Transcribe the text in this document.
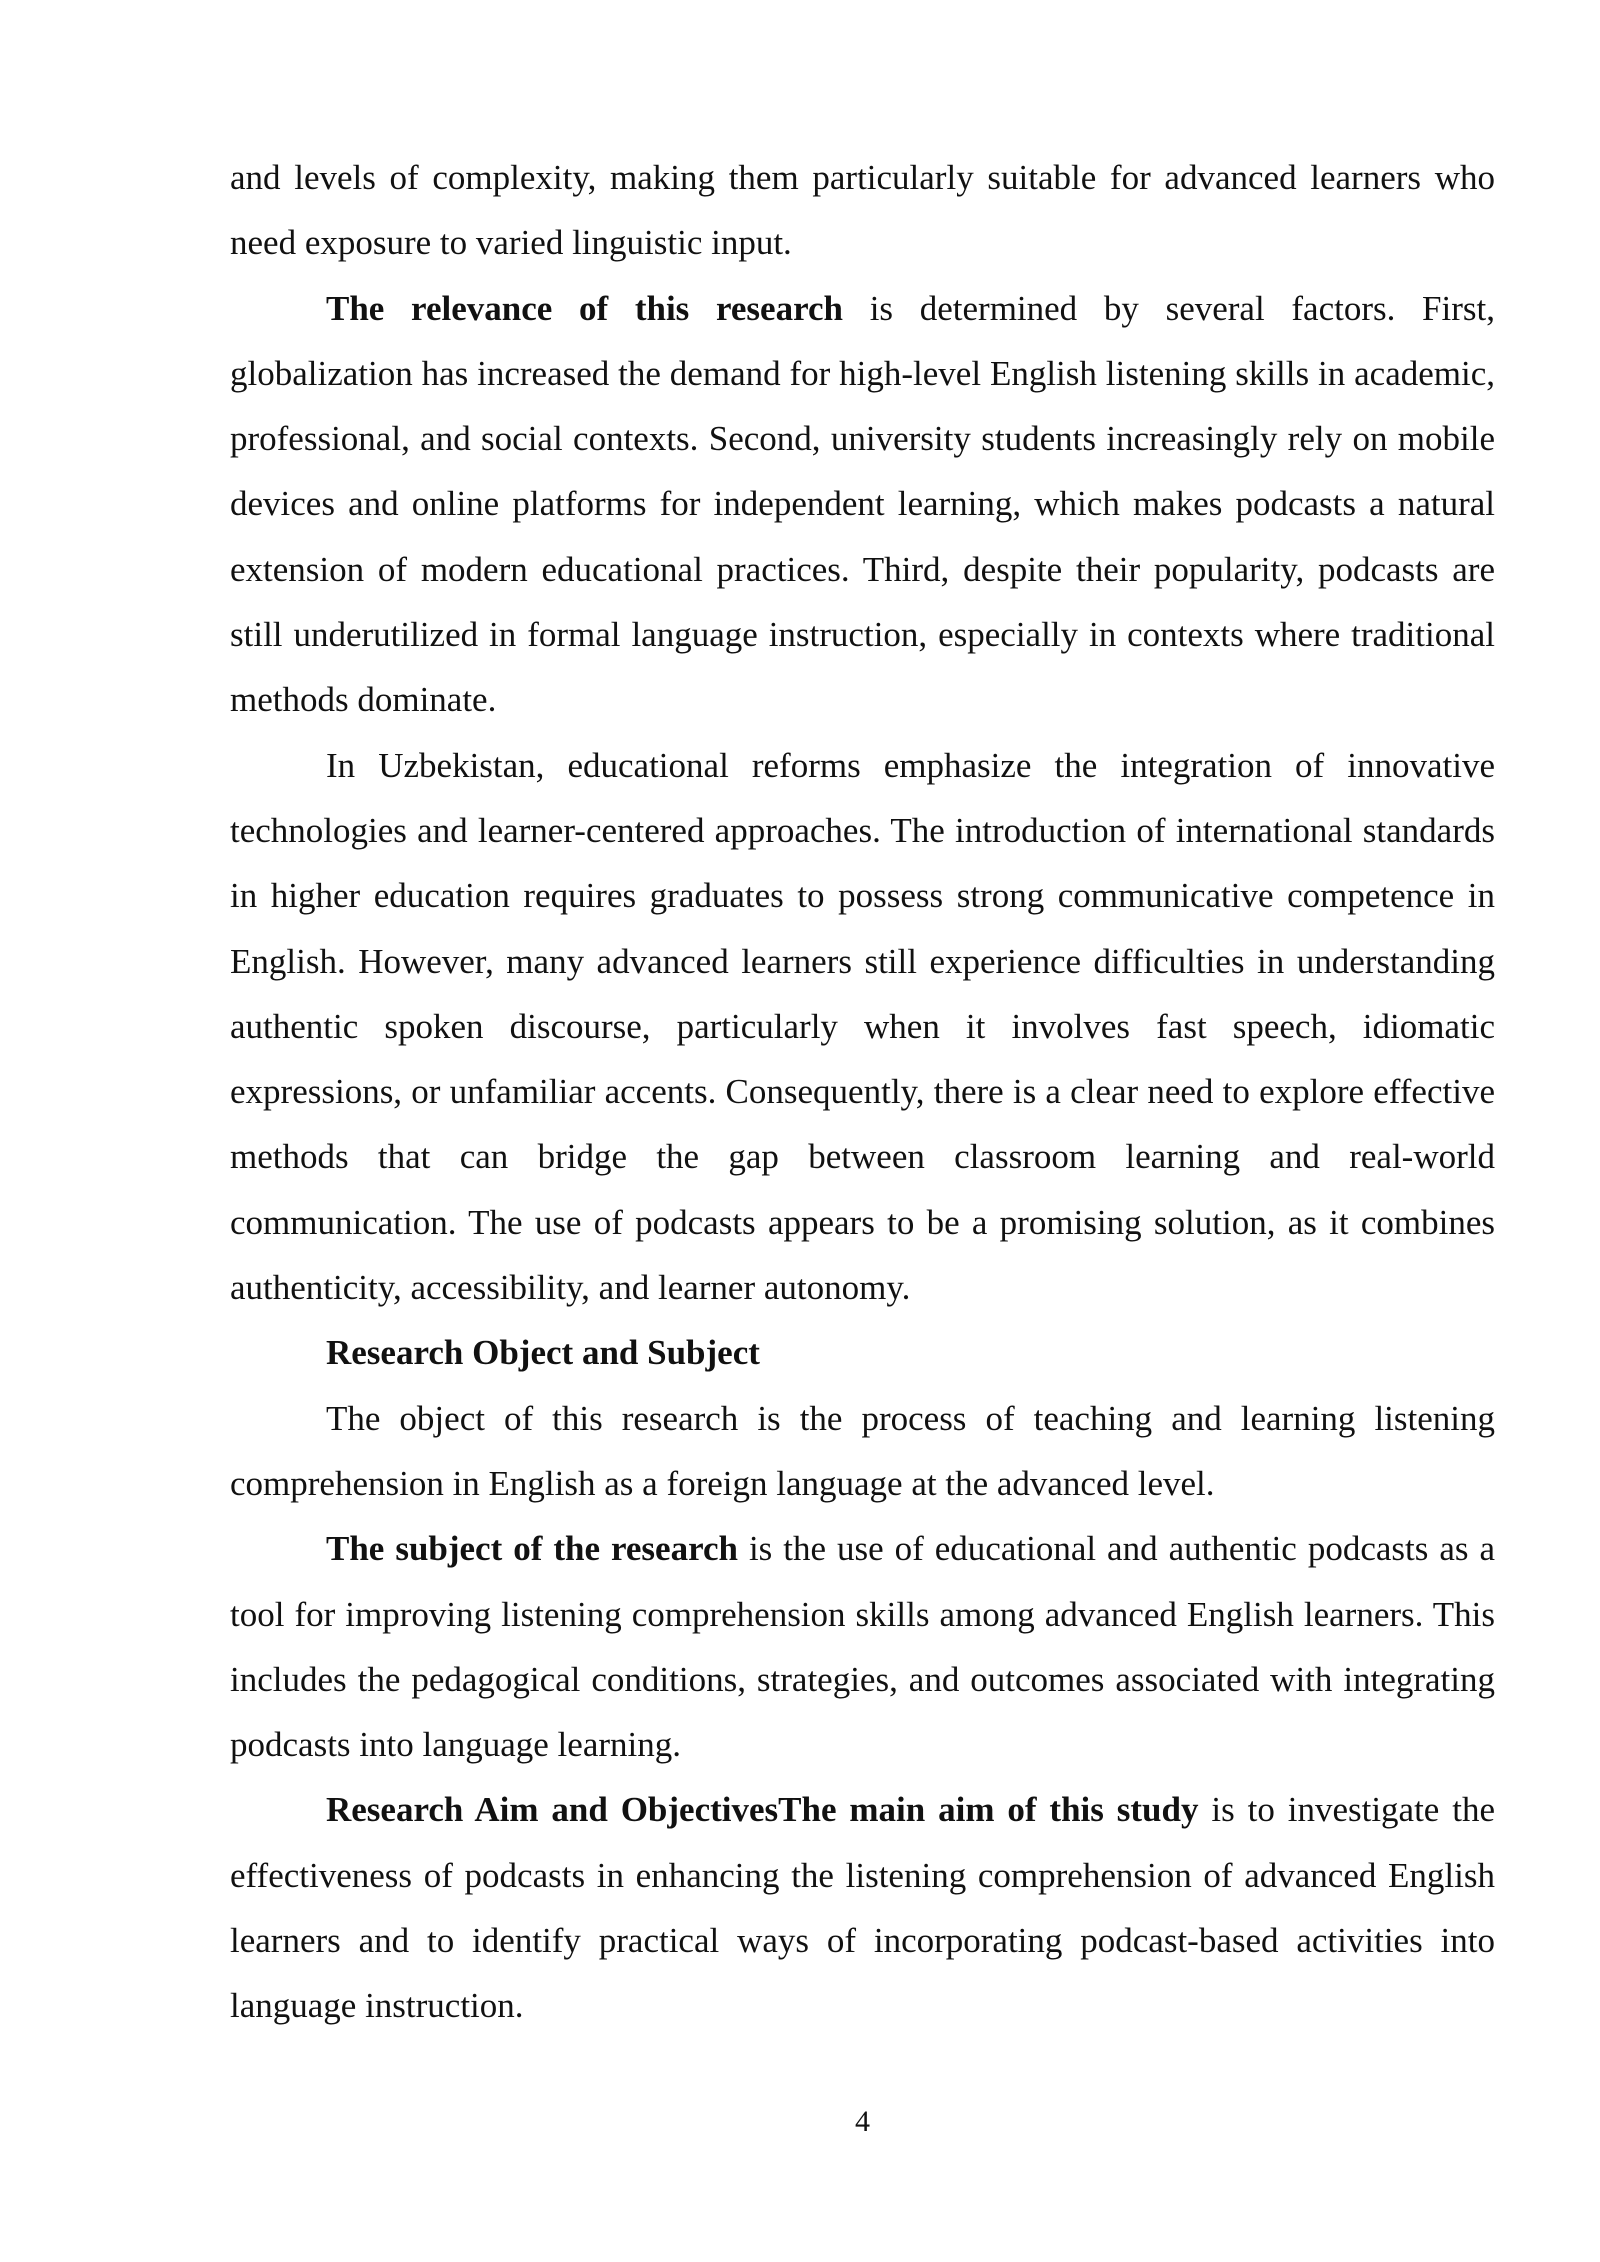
and levels of complexity, making them particularly suitable for advanced learners who need exposure to varied linguistic input.

The relevance of this research is determined by several factors. First, globalization has increased the demand for high-level English listening skills in academic, professional, and social contexts. Second, university students increasingly rely on mobile devices and online platforms for independent learning, which makes podcasts a natural extension of modern educational practices. Third, despite their popularity, podcasts are still underutilized in formal language instruction, especially in contexts where traditional methods dominate.

In Uzbekistan, educational reforms emphasize the integration of innovative technologies and learner-centered approaches. The introduction of international standards in higher education requires graduates to possess strong communicative competence in English. However, many advanced learners still experience difficulties in understanding authentic spoken discourse, particularly when it involves fast speech, idiomatic expressions, or unfamiliar accents. Consequently, there is a clear need to explore effective methods that can bridge the gap between classroom learning and real-world communication. The use of podcasts appears to be a promising solution, as it combines authenticity, accessibility, and learner autonomy.

Research Object and Subject

The object of this research is the process of teaching and learning listening comprehension in English as a foreign language at the advanced level.

The subject of the research is the use of educational and authentic podcasts as a tool for improving listening comprehension skills among advanced English learners. This includes the pedagogical conditions, strategies, and outcomes associated with integrating podcasts into language learning.

Research Aim and ObjectivesThe main aim of this study is to investigate the effectiveness of podcasts in enhancing the listening comprehension of advanced English learners and to identify practical ways of incorporating podcast-based activities into language instruction.

4
